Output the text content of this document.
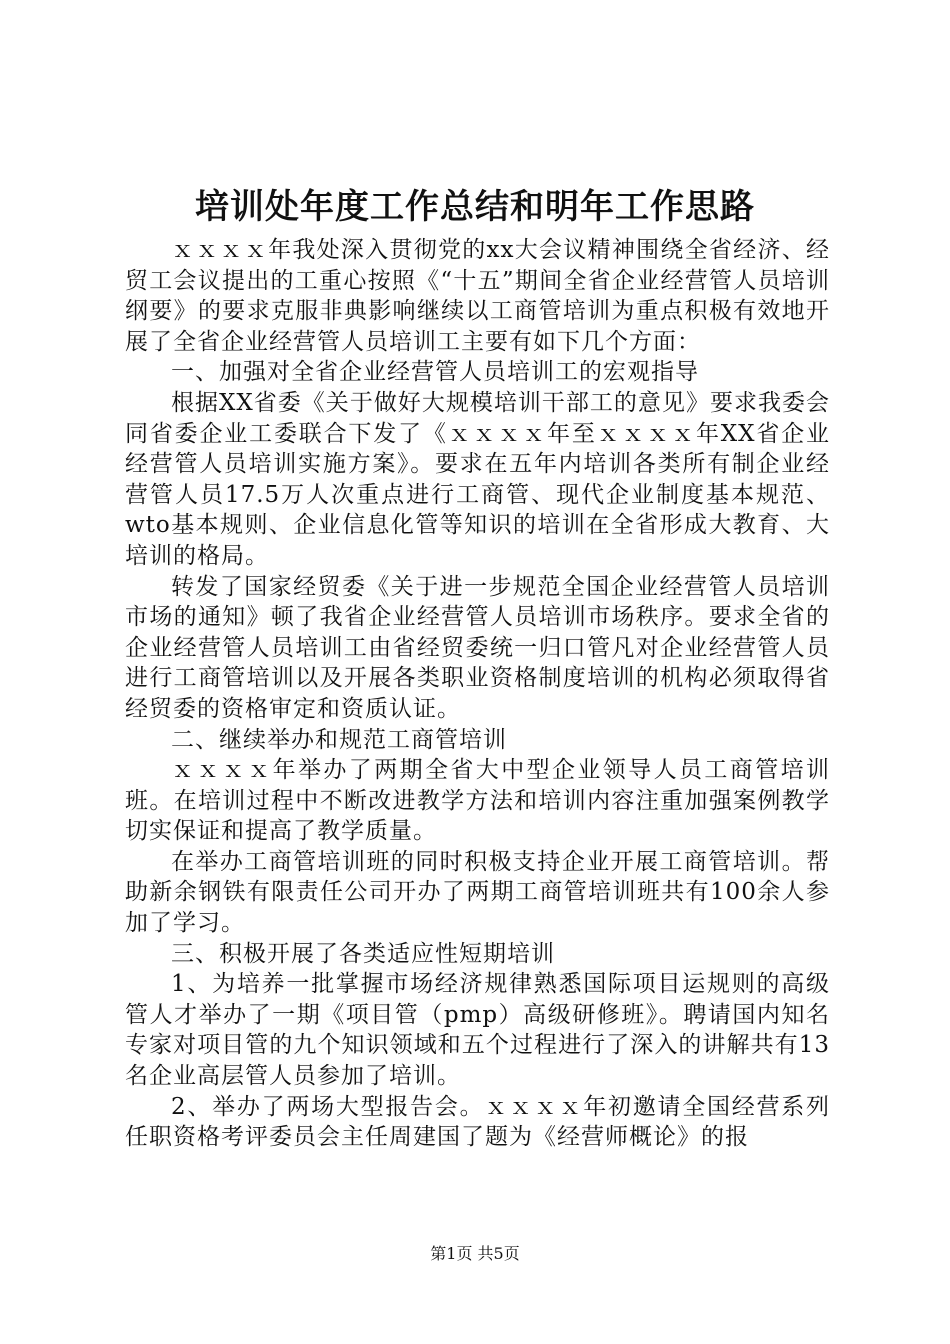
培训处年度工作总结和明年工作思路

ｘｘｘｘ年我处深入贯彻党的xx大会议精神围绕全省经济、经贸工会议提出的工重心按照《“十五”期间全省企业经营管人员培训纲要》的要求克服非典影响继续以工商管培训为重点积极有效地开展了全省企业经营管人员培训工主要有如下几个方面：

一、加强对全省企业经营管人员培训工的宏观指导

根据XX省委《关于做好大规模培训干部工的意见》要求我委会同省委企业工委联合下发了《ｘｘｘｘ年至ｘｘｘｘ年XX省企业经营管人员培训实施方案》。要求在五年内培训各类所有制企业经营管人员17.5万人次重点进行工商管、现代企业制度基本规范、wto基本规则、企业信息化管等知识的培训在全省形成大教育、大培训的格局。

转发了国家经贸委《关于进一步规范全国企业经营管人员培训市场的通知》顿了我省企业经营管人员培训市场秩序。要求全省的企业经营管人员培训工由省经贸委统一归口管凡对企业经营管人员进行工商管培训以及开展各类职业资格制度培训的机构必须取得省经贸委的资格审定和资质认证。

二、继续举办和规范工商管培训

ｘｘｘｘ年举办了两期全省大中型企业领导人员工商管培训班。在培训过程中不断改进教学方法和培训内容注重加强案例教学切实保证和提高了教学质量。

在举办工商管培训班的同时积极支持企业开展工商管培训。帮助新余钢铁有限责任公司开办了两期工商管培训班共有100余人参加了学习。

三、积极开展了各类适应性短期培训

1、为培养一批掌握市场经济规律熟悉国际项目运规则的高级管人才举办了一期《项目管（pmp）高级研修班》。聘请国内知名专家对项目管的九个知识领域和五个过程进行了深入的讲解共有13名企业高层管人员参加了培训。

2、举办了两场大型报告会。ｘｘｘｘ年初邀请全国经营系列任职资格考评委员会主任周建国了题为《经营师概论》的报

第1页 共5页
